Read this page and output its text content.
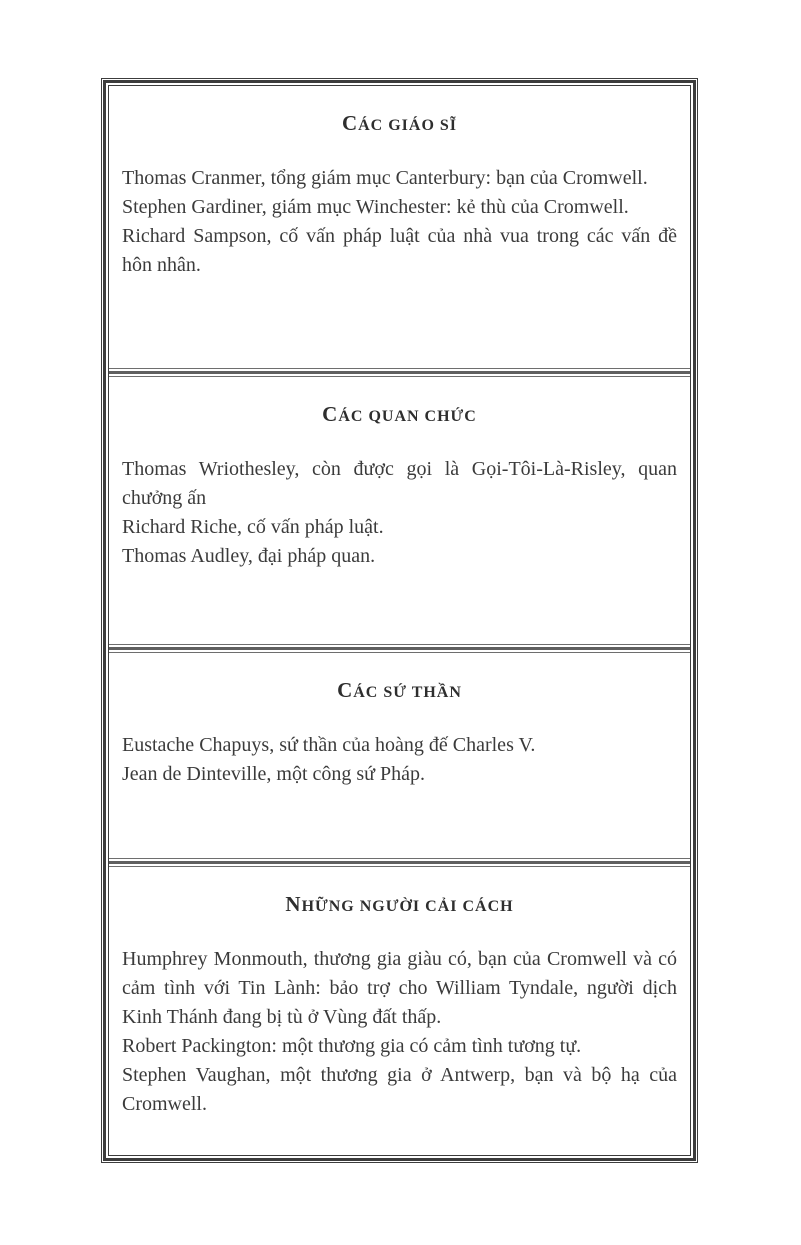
CÁC GIÁO SĨ

Thomas Cranmer, tổng giám mục Canterbury: bạn của Cromwell.

Stephen Gardiner, giám mục Winchester: kẻ thù của Cromwell.

Richard Sampson, cố vấn pháp luật của nhà vua trong các vấn đề hôn nhân.

CÁC QUAN CHỨC

Thomas Wriothesley, còn được gọi là Gọi-Tôi-Là-Risley, quan chưởng ấn

Richard Riche, cố vấn pháp luật.

Thomas Audley, đại pháp quan.

CÁC SỨ THẦN

Eustache Chapuys, sứ thần của hoàng đế Charles V.

Jean de Dinteville, một công sứ Pháp.

NHỮNG NGƯỜI CẢI CÁCH

Humphrey Monmouth, thương gia giàu có, bạn của Cromwell và có cảm tình với Tin Lành: bảo trợ cho William Tyndale, người dịch Kinh Thánh đang bị tù ở Vùng đất thấp.

Robert Packington: một thương gia có cảm tình tương tự.

Stephen Vaughan, một thương gia ở Antwerp, bạn và bộ hạ của Cromwell.
